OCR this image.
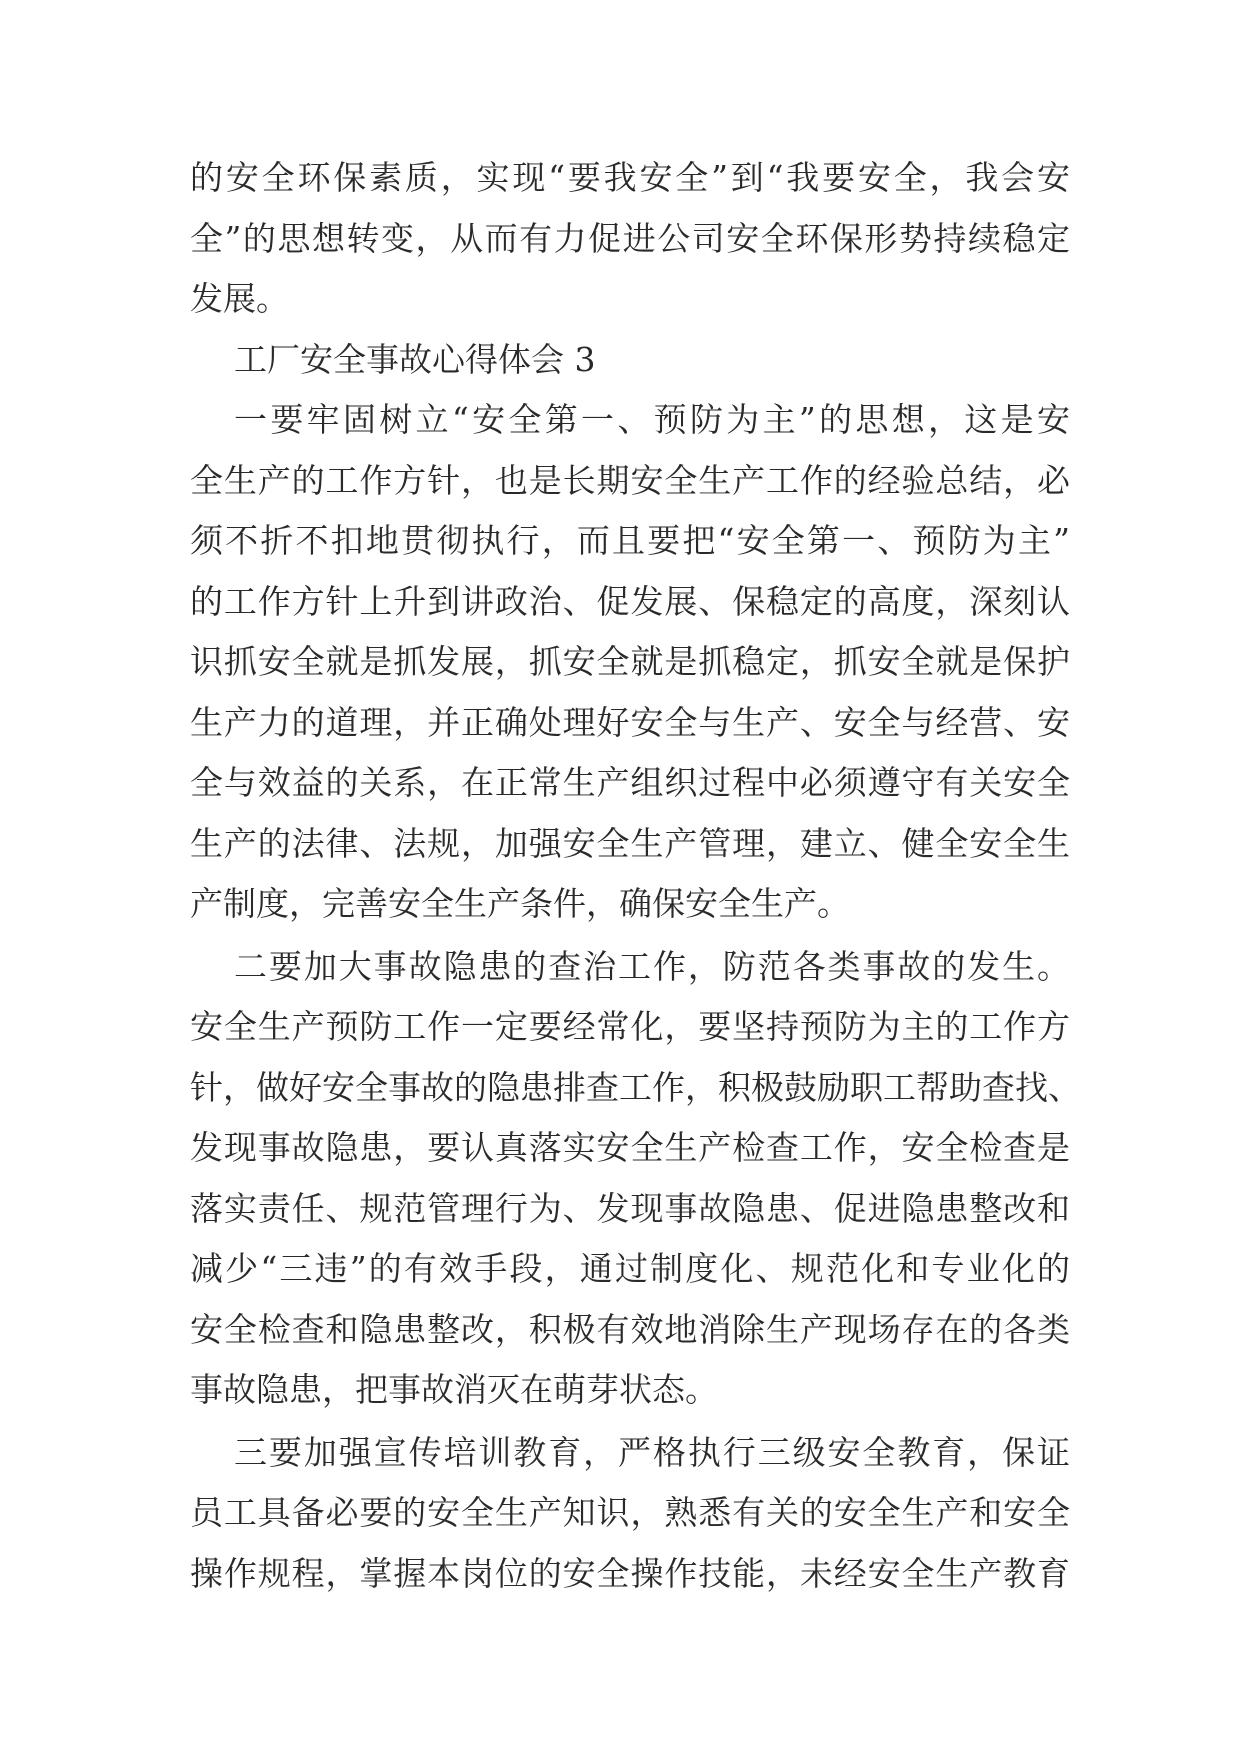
的安全环保素质，实现“要我安全”到“我要安全，我会安
全”的思想转变，从而有力促进公司安全环保形势持续稳定
发展。

工厂安全事故心得体会 3

一要牢固树立“安全第一、预防为主”的思想，这是安
全生产的工作方针，也是长期安全生产工作的经验总结，必
须不折不扣地贯彻执行，而且要把“安全第一、预防为主”
的工作方针上升到讲政治、促发展、保稳定的高度，深刻认
识抓安全就是抓发展，抓安全就是抓稳定，抓安全就是保护
生产力的道理，并正确处理好安全与生产、安全与经营、安
全与效益的关系，在正常生产组织过程中必须遵守有关安全
生产的法律、法规，加强安全生产管理，建立、健全安全生
产制度，完善安全生产条件，确保安全生产。

二要加大事故隐患的查治工作，防范各类事故的发生。
安全生产预防工作一定要经常化，要坚持预防为主的工作方
针，做好安全事故的隐患排查工作，积极鼓励职工帮助查找、
发现事故隐患，要认真落实安全生产检查工作，安全检查是
落实责任、规范管理行为、发现事故隐患、促进隐患整改和
减少“三违”的有效手段，通过制度化、规范化和专业化的
安全检查和隐患整改，积极有效地消除生产现场存在的各类
事故隐患，把事故消灭在萌芽状态。

三要加强宣传培训教育，严格执行三级安全教育，保证
员工具备必要的安全生产知识，熟悉有关的安全生产和安全
操作规程，掌握本岗位的安全操作技能，未经安全生产教育
